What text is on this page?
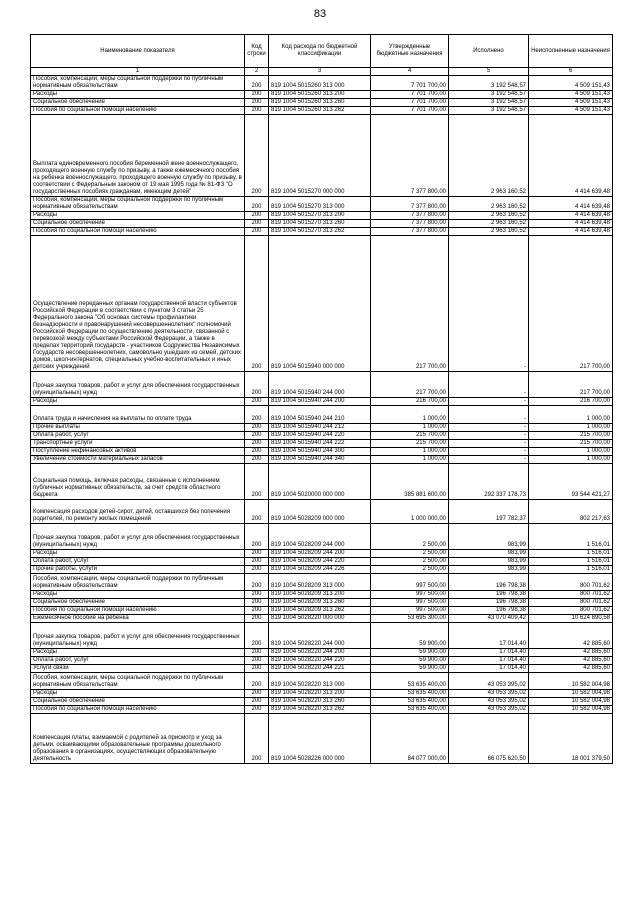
83
Наименование показателя	Код строки	Код расхода по бюджетной классификации	Утвержденные бюджетные назначения	Исполнено	Неисполненные назначения
1	2	3	4	5	6
Пособия, компенсации, меры социальной поддержки по публичным нормативным обязательствам	200	819 1004 5015260 313 000	7 701 700,00	3 192 548,57	4 509 151,43
Расходы	200	819 1004 5015260 313 200	7 701 700,00	3 192 548,57	4 509 151,43
Социальное обеспечение	200	819 1004 5015260 313 260	7 701 700,00	3 192 548,57	4 509 151,43
Пособия по социальной помощи населению	200	819 1004 5015260 313 262	7 701 700,00	3 192 548,57	4 509 151,43
Выплата единовременного пособия беременной жене военнослужащего, проходящего военную службу по призыву, а также ежемесячного пособия на ребенка военнослужащего, проходящего военную службу по призыву, в соответствии с Федеральным законом от 19 мая 1995 года № 81-ФЗ "О государственных пособиях гражданам, имеющим детей"	200	819 1004 5015270 000 000	7 377 800,00	2 963 160,52	4 414 639,48
Пособия, компенсации, меры социальной поддержки по публичным нормативным обязательствам	200	819 1004 5015270 313 000	7 377 800,00	2 963 160,52	4 414 639,48
Расходы	200	819 1004 5015270 313 200	7 377 800,00	2 963 160,52	4 414 639,48
Социальное обеспечение	200	819 1004 5015270 313 260	7 377 800,00	2 963 160,52	4 414 639,48
Пособия по социальной помощи населению	200	819 1004 5015270 313 262	7 377 800,00	2 963 160,52	4 414 639,48
Осуществление переданных органам государственной власти субъектов Российской Федерации в соответствии с пунктом 3 статьи 25 Федерального закона "Об основах системы профилактики безнадзорности и правонарушений несовершеннолетних" полномочий Российской Федерации по осуществлению деятельности, связанной с перевозкой между субъектами Российской Федерации, а также в пределах территорий государств - участников Содружества Независимых Государств несовершеннолетних, самовольно ушедших из семей, детских домов, школ-интернатов, специальных учебно-воспитательных и иных детских учреждений	200	819 1004 5015940 000 000	217 700,00	-	217 700,00
Прочая закупка товаров, работ и услуг для обеспечения государственных (муниципальных) нужд	200	819 1004 5015940 244 000	217 700,00	-	217 700,00
Расходы	200	819 1004 5015940 244 200	216 700,00	-	216 700,00
Оплата труда и начисления на выплаты по оплате труда	200	819 1004 5015940 244 210	1 000,00	-	1 000,00
Прочие выплаты	200	819 1004 5015940 244 212	1 000,00	-	1 000,00
Оплата работ, услуг	200	819 1004 5015940 244 220	215 700,00	-	215 700,00
Транспортные услуги	200	819 1004 5015940 244 222	215 700,00	-	215 700,00
Поступление нефинансовых активов	200	819 1004 5015940 244 300	1 000,00	-	1 000,00
Увеличение стоимости материальных запасов	200	819 1004 5015940 244 340	1 000,00	-	1 000,00
Социальная помощь, включая расходы, связанные с исполнением публичных нормативных обязательств, за счет средств областного бюджета	200	819 1004 5020000 000 000	385 881 600,00	292 337 178,73	93 544 421,27
Компенсация расходов детей-сирот, детей, оставшихся без попечения родителей, по ремонту жилых помещений	200	819 1004 5028209 000 000	1 000 000,00	197 782,37	802 217,63
Прочая закупка товаров, работ и услуг для обеспечения государственных (муниципальных) нужд	200	819 1004 5028209 244 000	2 500,00	983,99	1 516,01
Расходы	200	819 1004 5028209 244 200	2 500,00	983,99	1 516,01
Оплата работ, услуг	200	819 1004 5028209 244 220	2 500,00	983,99	1 516,01
Прочие работы, услуги	200	819 1004 5028209 244 226	2 500,00	983,99	1 516,01
Пособия, компенсации, меры социальной поддержки по публичным нормативным обязательствам	200	819 1004 5028209 313 000	997 500,00	196 798,38	800 701,62
Расходы	200	819 1004 5028209 313 200	997 500,00	196 798,38	800 701,62
Социальное обеспечение	200	819 1004 5028209 313 260	997 500,00	196 798,38	800 701,62
Пособия по социальной помощи населению	200	819 1004 5028209 313 262	997 500,00	196 798,38	800 701,62
Ежемесячное пособие на ребенка	200	819 1004 5028220 000 000	53 695 300,00	43 070 409,42	10 624 890,58
Прочая закупка товаров, работ и услуг для обеспечения государственных (муниципальных) нужд	200	819 1004 5028220 244 000	59 900,00	17 014,40	42 885,60
Расходы	200	819 1004 5028220 244 200	59 900,00	17 014,40	42 885,60
Оплата работ, услуг	200	819 1004 5028220 244 220	59 900,00	17 014,40	42 885,60
Услуги связи	200	819 1004 5028220 244 221	59 900,00	17 014,40	42 885,60
Пособия, компенсации, меры социальной поддержки по публичным нормативным обязательствам	200	819 1004 5028220 313 000	53 635 400,00	43 053 395,02	10 582 004,98
Расходы	200	819 1004 5028220 313 200	53 635 400,00	43 053 395,02	10 582 004,98
Социальное обеспечение	200	819 1004 5028220 313 260	53 635 400,00	43 053 395,02	10 582 004,98
Пособия по социальной помощи населению	200	819 1004 5028220 313 262	53 635 400,00	43 053 395,02	10 582 004,98
Компенсация платы, взимаемой с родителей за присмотр и уход за детьми, осваивающими образовательные программы дошкольного образования в организациях, осуществляющих образовательную деятельность	200	819 1004 5028226 000 000	84 077 000,00	66 075 620,50	18 001 379,50
